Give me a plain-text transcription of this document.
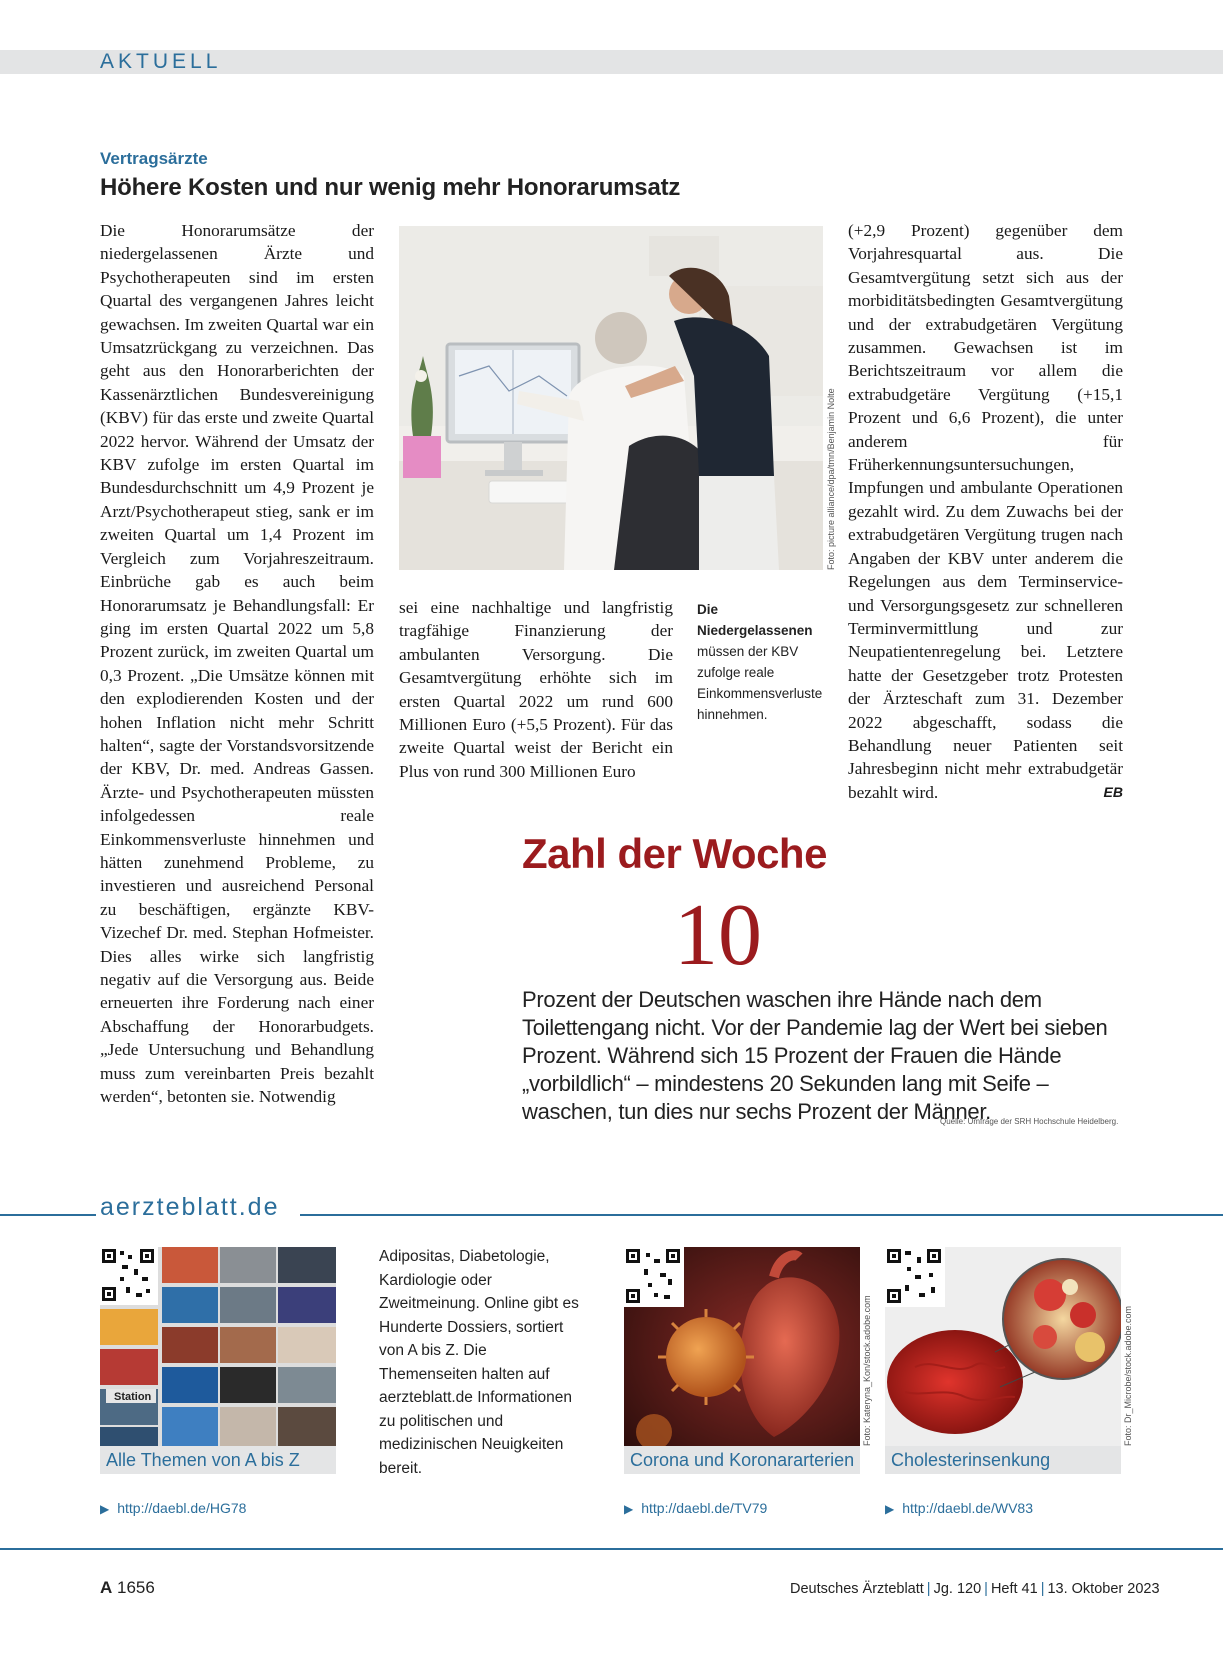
AKTUELL
Vertragsärzte
Höhere Kosten und nur wenig mehr Honorarumsatz
Die Honorarumsätze der niedergelassenen Ärzte und Psychotherapeuten sind im ersten Quartal des vergangenen Jahres leicht gewachsen. Im zweiten Quartal war ein Umsatzrückgang zu verzeichnen. Das geht aus den Honorarberichten der Kassenärztlichen Bundesvereinigung (KBV) für das erste und zweite Quartal 2022 hervor. Während der Umsatz der KBV zufolge im ersten Quartal im Bundesdurchschnitt um 4,9 Prozent je Arzt/Psychotherapeut stieg, sank er im zweiten Quartal um 1,4 Prozent im Vergleich zum Vorjahreszeitraum. Einbrüche gab es auch beim Honorarumsatz je Behandlungsfall: Er ging im ersten Quartal 2022 um 5,8 Prozent zurück, im zweiten Quartal um 0,3 Prozent. „Die Umsätze können mit den explodierenden Kosten und der hohen Inflation nicht mehr Schritt halten“, sagte der Vorstandsvorsitzende der KBV, Dr. med. Andreas Gassen. Ärzte- und Psychotherapeuten müssten infolgedessen reale Einkommensverluste hinnehmen und hätten zunehmend Probleme, zu investieren und ausreichend Personal zu beschäftigen, ergänzte KBV-Vizechef Dr. med. Stephan Hofmeister. Dies alles wirke sich langfristig negativ auf die Versorgung aus. Beide erneuerten ihre Forderung nach einer Abschaffung der Honorarbudgets. „Jede Untersuchung und Behandlung muss zum vereinbarten Preis bezahlt werden“, betonten sie. Notwendig
Foto: picture alliance/dpa/tmn/Benjamin Nolte
sei eine nachhaltige und langfristig tragfähige Finanzierung der ambulanten Versorgung. Die Gesamtvergütung erhöhte sich im ersten Quartal 2022 um rund 600 Millionen Euro (+5,5 Prozent). Für das zweite Quartal weist der Bericht ein Plus von rund 300 Millionen Euro
Die Niedergelassenen müssen der KBV zufolge reale Einkommensverluste hinnehmen.
(+2,9 Prozent) gegenüber dem Vorjahresquartal aus. Die Gesamtvergütung setzt sich aus der morbiditätsbedingten Gesamtvergütung und der extrabudgetären Vergütung zusammen. Gewachsen ist im Berichtszeitraum vor allem die extrabudgetäre Vergütung (+15,1 Prozent und 6,6 Prozent), die unter anderem für Früherkennungsuntersuchungen, Impfungen und ambulante Operationen gezahlt wird. Zu dem Zuwachs bei der extrabudgetären Vergütung trugen nach Angaben der KBV unter anderem die Regelungen aus dem Terminservice- und Versorgungsgesetz zur schnelleren Terminvermittlung und zur Neupatientenregelung bei. Letztere hatte der Gesetzgeber trotz Protesten der Ärzteschaft zum 31. Dezember 2022 abgeschafft, sodass die Behandlung neuer Patienten seit Jahresbeginn nicht mehr extrabudgetär bezahlt wird.	EB
Zahl der Woche
10
Prozent der Deutschen waschen ihre Hände nach dem Toilettengang nicht. Vor der Pandemie lag der Wert bei sieben Prozent. Während sich 15 Prozent der Frauen die Hände „vorbildlich“ – mindestens 20 Sekunden lang mit Seife – waschen, tun dies nur sechs Prozent der Männer.
Quelle: Umfrage der SRH Hochschule Heidelberg.
aerzteblatt.de
Station
Alle Themen von A bis Z
▶ http://daebl.de/HG78
Adipositas, Diabetologie, Kardiologie oder Zweitmeinung. Online gibt es Hunderte Dossiers, sortiert von A bis Z. Die Themenseiten halten auf aerzteblatt.de Informationen zu politischen und medizinischen Neuigkeiten bereit.
Foto: Kateryna_Kon/stock.adobe.com
Corona und Koronararterien
▶ http://daebl.de/TV79
Foto: Dr_Microbe/stock.adobe.com
Cholesterinsenkung
▶ http://daebl.de/WV83
A 1656	Deutsches Ärzteblatt | Jg. 120 | Heft 41 | 13. Oktober 2023
